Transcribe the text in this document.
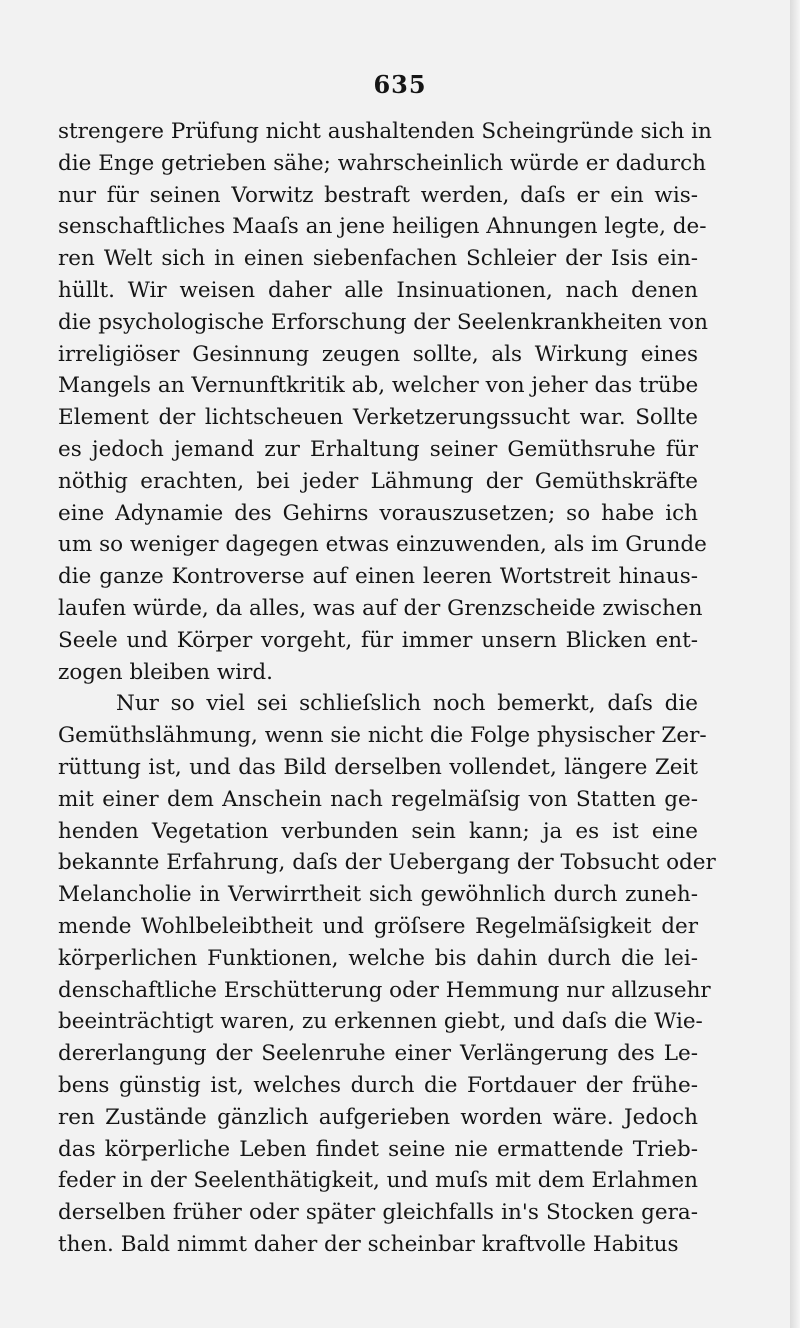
635
strengere Prüfung nicht aushaltenden Scheingründe sich in
die Enge getrieben sähe; wahrscheinlich würde er dadurch
nur für seinen Vorwitz bestraft werden, daſs er ein wis-
senschaftliches Maaſs an jene heiligen Ahnungen legte, de-
ren Welt sich in einen siebenfachen Schleier der Isis ein-
hüllt. Wir weisen daher alle Insinuationen, nach denen
die psychologische Erforschung der Seelenkrankheiten von
irreligiöser Gesinnung zeugen sollte, als Wirkung eines
Mangels an Vernunftkritik ab, welcher von jeher das trübe
Element der lichtscheuen Verketzerungssucht war. Sollte
es jedoch jemand zur Erhaltung seiner Gemüthsruhe für
nöthig erachten, bei jeder Lähmung der Gemüthskräfte
eine Adynamie des Gehirns vorauszusetzen; so habe ich
um so weniger dagegen etwas einzuwenden, als im Grunde
die ganze Kontroverse auf einen leeren Wortstreit hinaus-
laufen würde, da alles, was auf der Grenzscheide zwischen
Seele und Körper vorgeht, für immer unsern Blicken ent-
zogen bleiben wird.
Nur so viel sei schlieſslich noch bemerkt, daſs die
Gemüthslähmung, wenn sie nicht die Folge physischer Zer-
rüttung ist, und das Bild derselben vollendet, längere Zeit
mit einer dem Anschein nach regelmäſsig von Statten ge-
henden Vegetation verbunden sein kann; ja es ist eine
bekannte Erfahrung, daſs der Uebergang der Tobsucht oder
Melancholie in Verwirrtheit sich gewöhnlich durch zuneh-
mende Wohlbeleibtheit und gröſsere Regelmäſsigkeit der
körperlichen Funktionen, welche bis dahin durch die lei-
denschaftliche Erschütterung oder Hemmung nur allzusehr
beeinträchtigt waren, zu erkennen giebt, und daſs die Wie-
dererlangung der Seelenruhe einer Verlängerung des Le-
bens günstig ist, welches durch die Fortdauer der frühe-
ren Zustände gänzlich aufgerieben worden wäre. Jedoch
das körperliche Leben findet seine nie ermattende Trieb-
feder in der Seelenthätigkeit, und muſs mit dem Erlahmen
derselben früher oder später gleichfalls in's Stocken gera-
then. Bald nimmt daher der scheinbar kraftvolle Habitus
